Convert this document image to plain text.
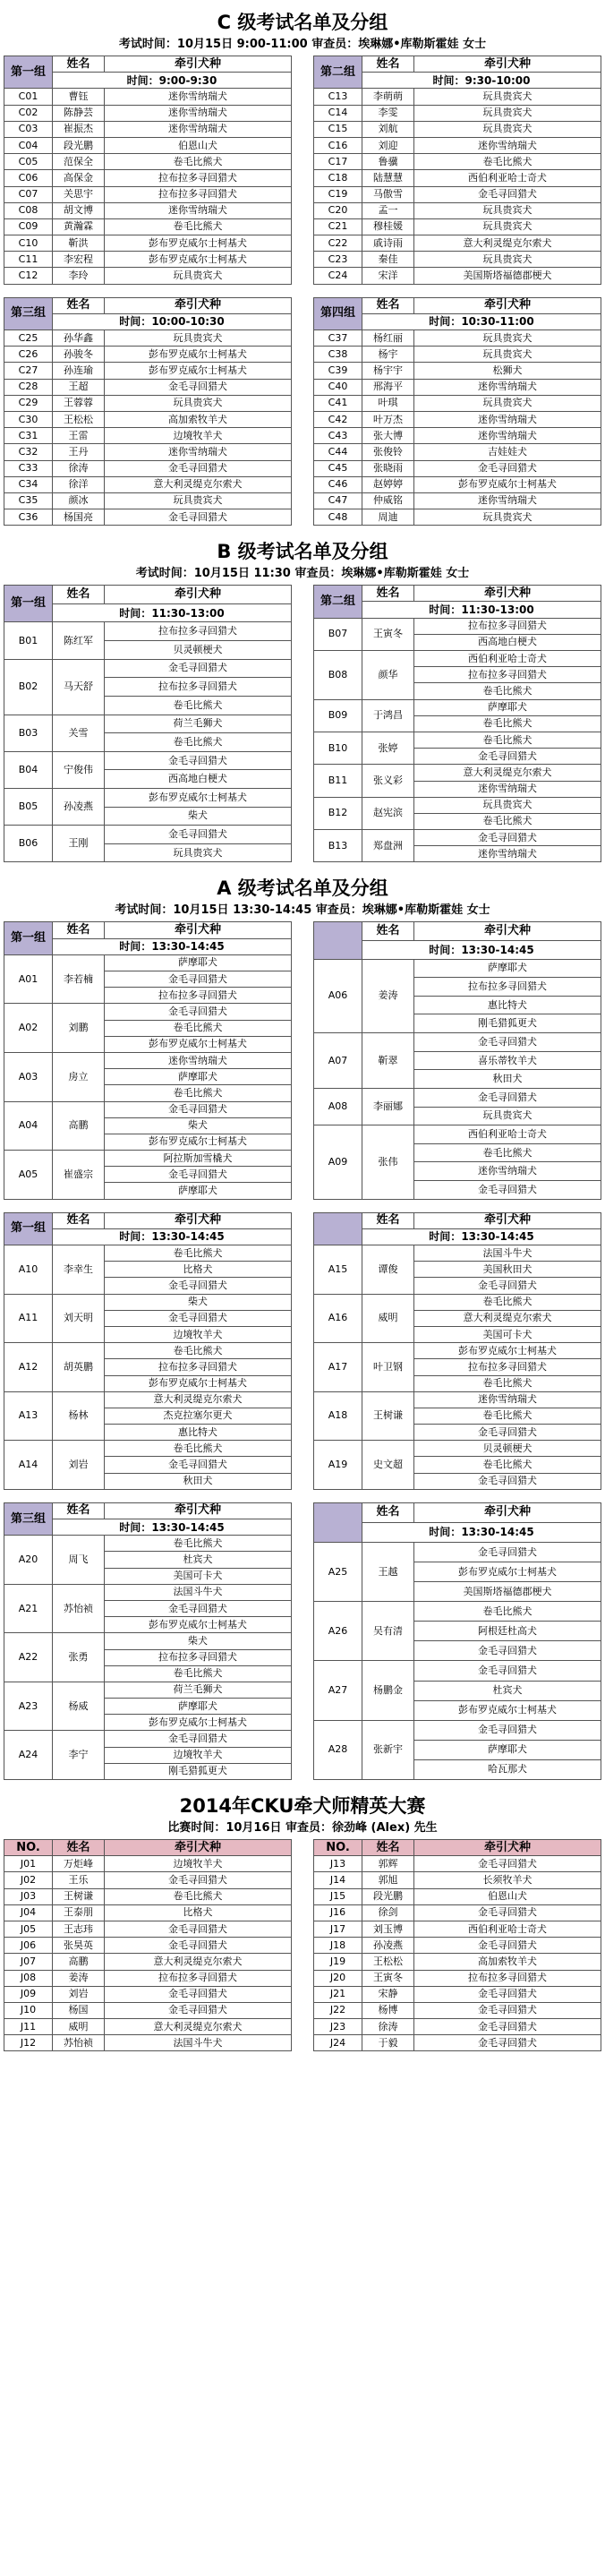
C 级考试名单及分组
考试时间：10月15日 9:00-11:00 审查员：埃琳娜•库勒斯霍娃 女士
第一组	姓名	牵引犬种
	时间：9:00-9:30	
C01	曹钰	迷你雪纳瑞犬
C02	陈静芸	迷你雪纳瑞犬
C03	崔振杰	迷你雪纳瑞犬
C04	段光鹏	伯恩山犬
C05	范保全	卷毛比熊犬
C06	高保金	拉布拉多寻回猎犬
C07	关思宇	拉布拉多寻回猎犬
C08	胡文博	迷你雪纳瑞犬
C09	黄瀚霖	卷毛比熊犬
C10	靳洪	彭布罗克威尔士柯基犬
C11	李宏程	彭布罗克威尔士柯基犬
C12	李玲	玩具贵宾犬
第二组	姓名	牵引犬种
	时间：9:30-10:00	
C13	李萌萌	玩具贵宾犬
C14	李雯	玩具贵宾犬
C15	刘航	玩具贵宾犬
C16	刘迎	迷你雪纳瑞犬
C17	鲁骥	卷毛比熊犬
C18	陆慧慧	西伯利亚哈士奇犬
C19	马傲雪	金毛寻回猎犬
C20	孟一	玩具贵宾犬
C21	穆桂媛	玩具贵宾犬
C22	戚诗雨	意大利灵缇克尔索犬
C23	秦佳	玩具贵宾犬
C24	宋洋	美国斯塔福德郡梗犬
第三组	姓名	牵引犬种
	时间：10:00-10:30	
C25	孙华鑫	玩具贵宾犬
C26	孙骏冬	彭布罗克威尔士柯基犬
C27	孙连瑜	彭布罗克威尔士柯基犬
C28	王超	金毛寻回猎犬
C29	王蓉蓉	玩具贵宾犬
C30	王松松	高加索牧羊犬
C31	王雷	边境牧羊犬
C32	王丹	迷你雪纳瑞犬
C33	徐涛	金毛寻回猎犬
C34	徐洋	意大利灵缇克尔索犬
C35	颜冰	玩具贵宾犬
C36	杨国亮	金毛寻回猎犬
第四组	姓名	牵引犬种
	时间：10:30-11:00	
C37	杨红丽	玩具贵宾犬
C38	杨宇	玩具贵宾犬
C39	杨宇宇	松狮犬
C40	邢海平	迷你雪纳瑞犬
C41	叶琪	玩具贵宾犬
C42	叶万杰	迷你雪纳瑞犬
C43	张大博	迷你雪纳瑞犬
C44	张俊铃	吉娃娃犬
C45	张晓雨	金毛寻回猎犬
C46	赵婷婷	彭布罗克威尔士柯基犬
C47	仲威铭	迷你雪纳瑞犬
C48	周迪	玩具贵宾犬
B 级考试名单及分组
考试时间：10月15日 11:30 审查员：埃琳娜•库勒斯霍娃 女士
第一组	姓名	牵引犬种
	时间：11:30-13:00	
B01	陈红军	拉布拉多寻回猎犬
		贝灵顿梗犬
B02	马天舒	金毛寻回猎犬
		拉布拉多寻回猎犬
		卷毛比熊犬
B03	关雪	荷兰毛狮犬
		卷毛比熊犬
B04	宁俊伟	金毛寻回猎犬
		西高地白梗犬
B05	孙凌燕	彭布罗克威尔士柯基犬
		柴犬
B06	王刚	金毛寻回猎犬
		玩具贵宾犬
第二组	姓名	牵引犬种
	时间：11:30-13:00	
B07	王寅冬	拉布拉多寻回猎犬
		西高地白梗犬
B08	颜华	西伯利亚哈士奇犬
		拉布拉多寻回猎犬
		卷毛比熊犬
B09	于鸿昌	萨摩耶犬
		卷毛比熊犬
B10	张婷	卷毛比熊犬
		金毛寻回猎犬
B11	张义彩	意大利灵缇克尔索犬
		迷你雪纳瑞犬
B12	赵宪滨	玩具贵宾犬
		卷毛比熊犬
B13	郑盘洲	金毛寻回猎犬
		迷你雪纳瑞犬
A 级考试名单及分组
考试时间：10月15日 13:30-14:45 审查员：埃琳娜•库勒斯霍娃 女士
第一组	姓名	牵引犬种
	时间：13:30-14:45	
A01	李若楠	萨摩耶犬
		金毛寻回猎犬
		拉布拉多寻回猎犬
A02	刘鹏	金毛寻回猎犬
		卷毛比熊犬
		彭布罗克威尔士柯基犬
A03	房立	迷你雪纳瑞犬
		萨摩耶犬
		卷毛比熊犬
A04	高鹏	金毛寻回猎犬
		柴犬
		彭布罗克威尔士柯基犬
A05	崔盛宗	阿拉斯加雪橇犬
		金毛寻回猎犬
		萨摩耶犬
	姓名	牵引犬种
	时间：13:30-14:45	
A06	姜涛	萨摩耶犬
		拉布拉多寻回猎犬
		惠比特犬
		刚毛猎狐更犬
A07	靳翠	金毛寻回猎犬
		喜乐蒂牧羊犬
		秋田犬
A08	李丽娜	金毛寻回猎犬
		玩具贵宾犬
A09	张伟	西伯利亚哈士奇犬
		卷毛比熊犬
		迷你雪纳瑞犬
		金毛寻回猎犬
第一组	姓名	牵引犬种
	时间：13:30-14:45	
A10	李幸生	卷毛比熊犬
		比格犬
		金毛寻回猎犬
A11	刘天明	柴犬
		金毛寻回猎犬
		边境牧羊犬
A12	胡英鹏	卷毛比熊犬
		拉布拉多寻回猎犬
		彭布罗克威尔士柯基犬
A13	杨林	意大利灵缇克尔索犬
		杰克拉塞尔更犬
		惠比特犬
A14	刘岩	卷毛比熊犬
		金毛寻回猎犬
		秋田犬
	姓名	牵引犬种
	时间：13:30-14:45	
A15	谭俊	法国斗牛犬
		美国秋田犬
		金毛寻回猎犬
A16	威明	卷毛比熊犬
		意大利灵缇克尔索犬
		美国可卡犬
A17	叶卫钢	彭布罗克威尔士柯基犬
		拉布拉多寻回猎犬
		卷毛比熊犬
A18	王树谦	迷你雪纳瑞犬
		卷毛比熊犬
		金毛寻回猎犬
A19	史文超	贝灵顿梗犬
		卷毛比熊犬
		金毛寻回猎犬
第三组	姓名	牵引犬种
	时间：13:30-14:45	
A20	周飞	卷毛比熊犬
		杜宾犬
		美国可卡犬
A21	苏怡祯	法国斗牛犬
		金毛寻回猎犬
		彭布罗克威尔士柯基犬
A22	张勇	柴犬
		拉布拉多寻回猎犬
		卷毛比熊犬
A23	杨威	荷兰毛狮犬
		萨摩耶犬
		彭布罗克威尔士柯基犬
A24	李宁	金毛寻回猎犬
		边境牧羊犬
		刚毛猎狐更犬
	姓名	牵引犬种
	时间：13:30-14:45	
A25	王越	金毛寻回猎犬
		彭布罗克威尔士柯基犬
		美国斯塔福德郡梗犬
A26	吴有清	卷毛比熊犬
		阿根廷杜高犬
		金毛寻回猎犬
A27	杨鹏金	金毛寻回猎犬
		杜宾犬
		彭布罗克威尔士柯基犬
A28	张新宇	金毛寻回猎犬
		萨摩耶犬
		哈瓦那犬
2014年CKU牵犬师精英大赛
比赛时间：10月16日 审查员：徐劲峰 (Alex) 先生
NO.	姓名	牵引犬种
J01	万炬峰	边境牧羊犬
J02	王乐	金毛寻回猎犬
J03	王树谦	卷毛比熊犬
J04	王泰朋	比格犬
J05	王志玮	金毛寻回猎犬
J06	张昊英	金毛寻回猎犬
J07	高鹏	意大利灵缇克尔索犬
J08	姜涛	拉布拉多寻回猎犬
J09	刘岩	金毛寻回猎犬
J10	杨国	金毛寻回猎犬
J11	威明	意大利灵缇克尔索犬
J12	苏怡祯	法国斗牛犬
NO.	姓名	牵引犬种
J13	郭辉	金毛寻回猎犬
J14	郭旭	长须牧羊犬
J15	段光鹏	伯恩山犬
J16	徐剑	金毛寻回猎犬
J17	刘玉博	西伯利亚哈士奇犬
J18	孙凌燕	金毛寻回猎犬
J19	王松松	高加索牧羊犬
J20	王寅冬	拉布拉多寻回猎犬
J21	宋静	金毛寻回猎犬
J22	杨博	金毛寻回猎犬
J23	徐涛	金毛寻回猎犬
J24	于毅	金毛寻回猎犬
